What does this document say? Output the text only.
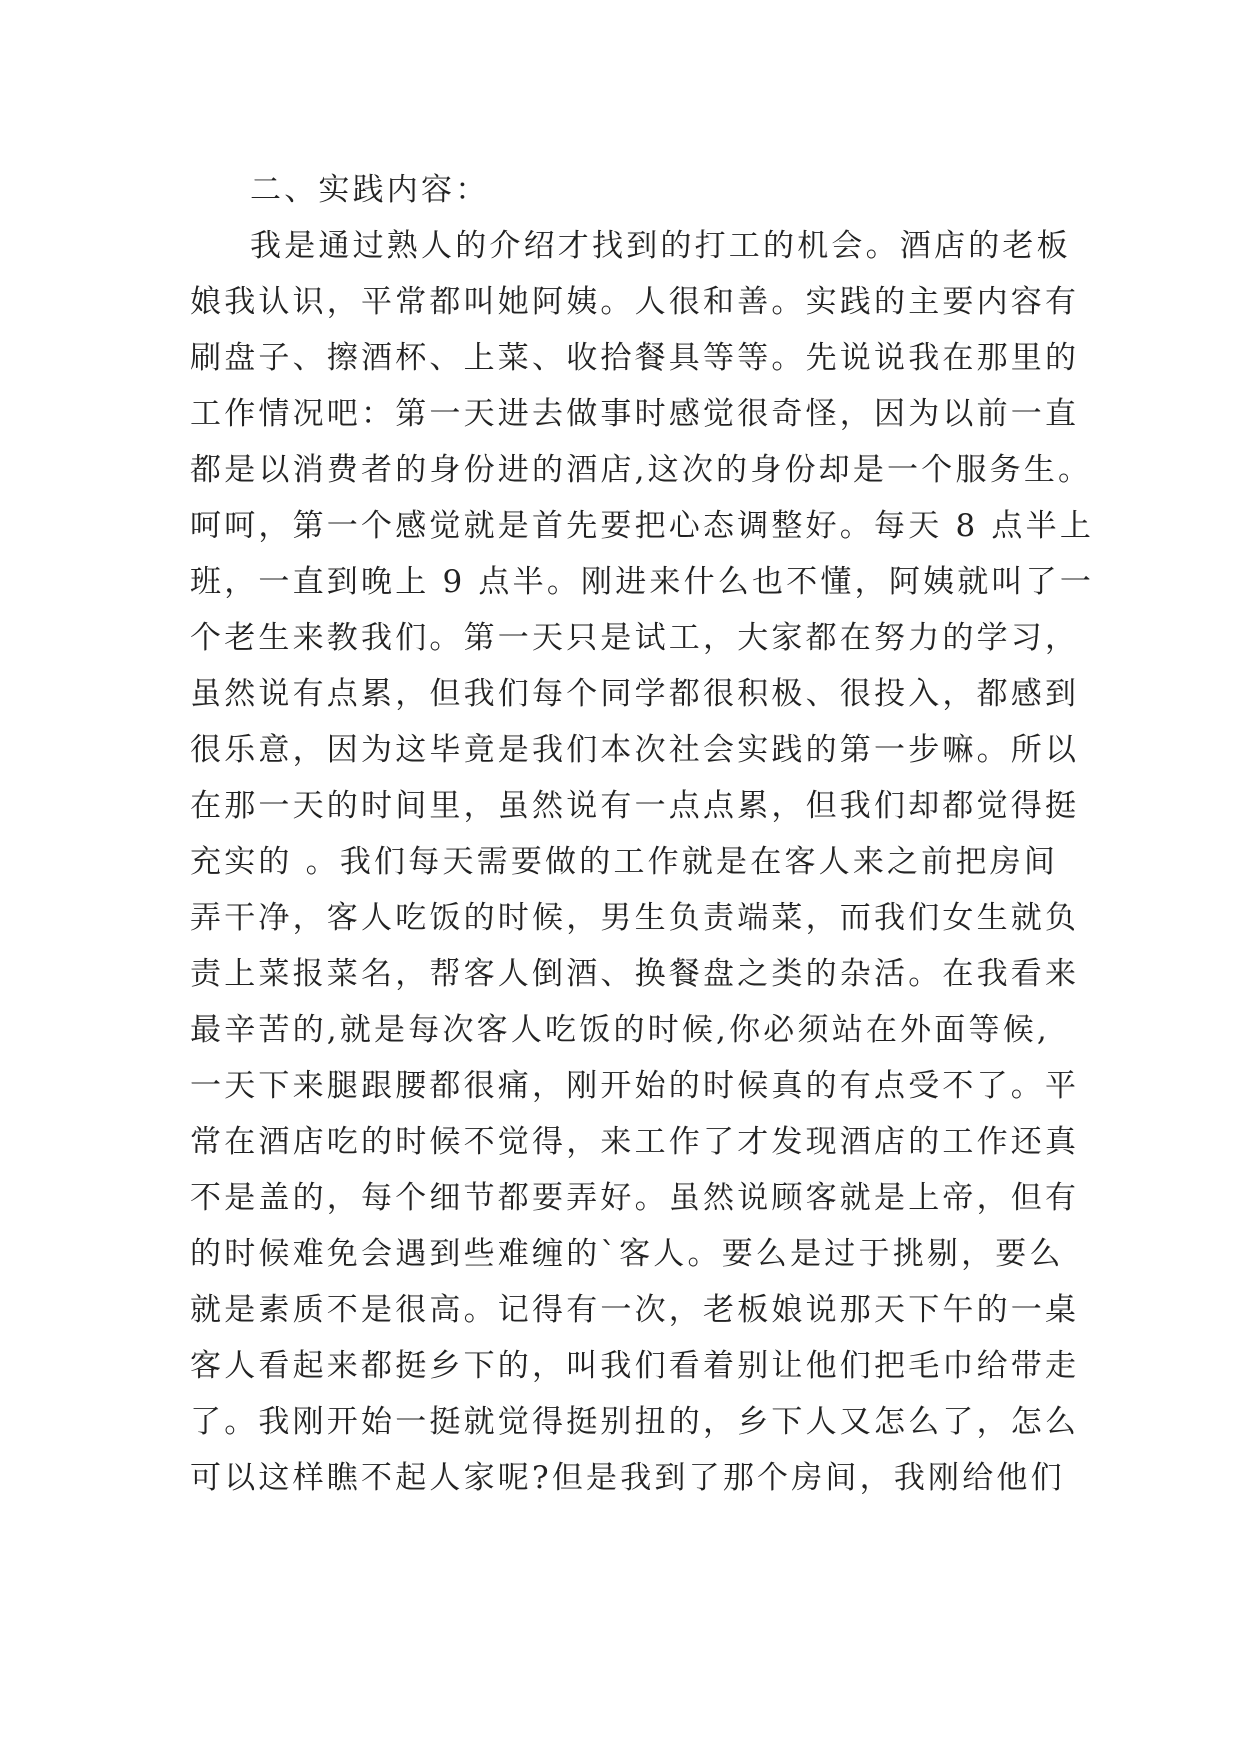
二、实践内容：
我是通过熟人的介绍才找到的打工的机会。酒店的老板
娘我认识，平常都叫她阿姨。人很和善。实践的主要内容有
刷盘子、擦酒杯、上菜、收拾餐具等等。先说说我在那里的
工作情况吧：第一天进去做事时感觉很奇怪，因为以前一直
都是以消费者的身份进的酒店,这次的身份却是一个服务生。
呵呵，第一个感觉就是首先要把心态调整好。每天 8 点半上
班，一直到晚上 9 点半。刚进来什么也不懂，阿姨就叫了一
个老生来教我们。第一天只是试工，大家都在努力的学习，
虽然说有点累，但我们每个同学都很积极、很投入，都感到
很乐意，因为这毕竟是我们本次社会实践的第一步嘛。所以
在那一天的时间里，虽然说有一点点累，但我们却都觉得挺
充实的 。我们每天需要做的工作就是在客人来之前把房间
弄干净，客人吃饭的时候，男生负责端菜，而我们女生就负
责上菜报菜名，帮客人倒酒、换餐盘之类的杂活。在我看来
最辛苦的,就是每次客人吃饭的时候,你必须站在外面等候,
一天下来腿跟腰都很痛，刚开始的时候真的有点受不了。平
常在酒店吃的时候不觉得，来工作了才发现酒店的工作还真
不是盖的，每个细节都要弄好。虽然说顾客就是上帝，但有
的时候难免会遇到些难缠的`客人。要么是过于挑剔，要么
就是素质不是很高。记得有一次，老板娘说那天下午的一桌
客人看起来都挺乡下的，叫我们看着别让他们把毛巾给带走
了。我刚开始一挺就觉得挺别扭的，乡下人又怎么了，怎么
可以这样瞧不起人家呢?但是我到了那个房间，我刚给他们
